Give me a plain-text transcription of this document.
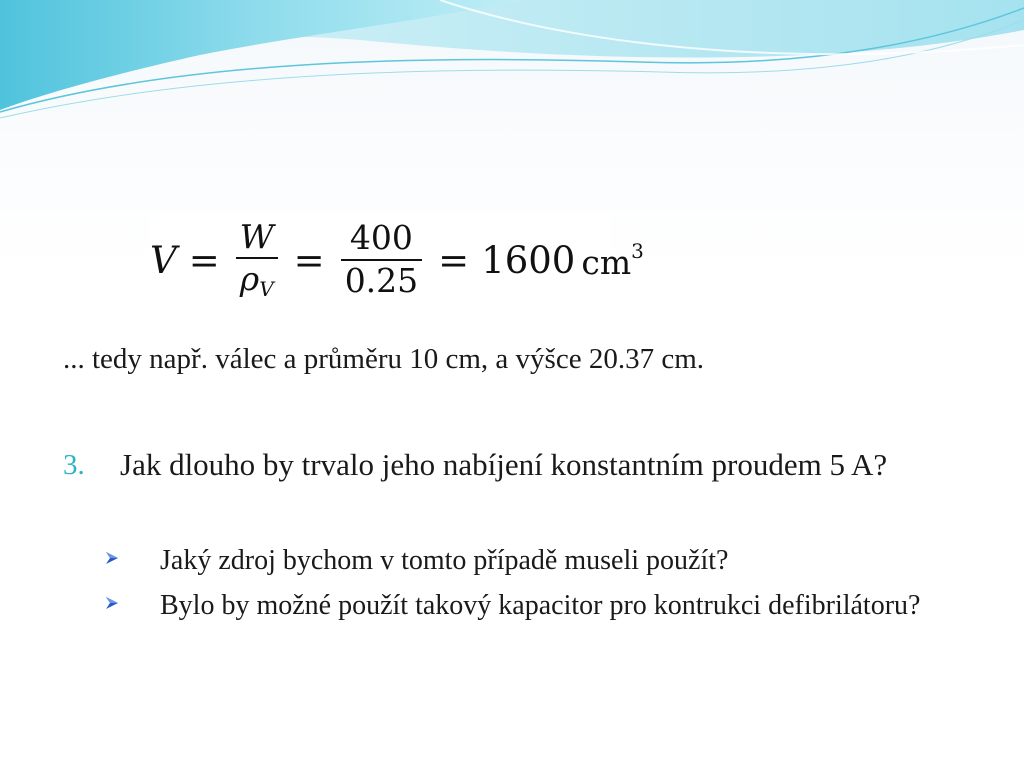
$V = \frac{W}{\rho_V} = \frac{400}{0.25} = 1600$ $cm^3$
... tedy např. válec a průměru 10 cm, a výšce 20.37 cm.
3.	Jak dlouho by trvalo jeho nabíjení konstantním proudem 5 A?
Jaký zdroj bychom v tomto případě museli použít?
Bylo by možné použít takový kapacitor pro kontrukci defibrilátoru?
